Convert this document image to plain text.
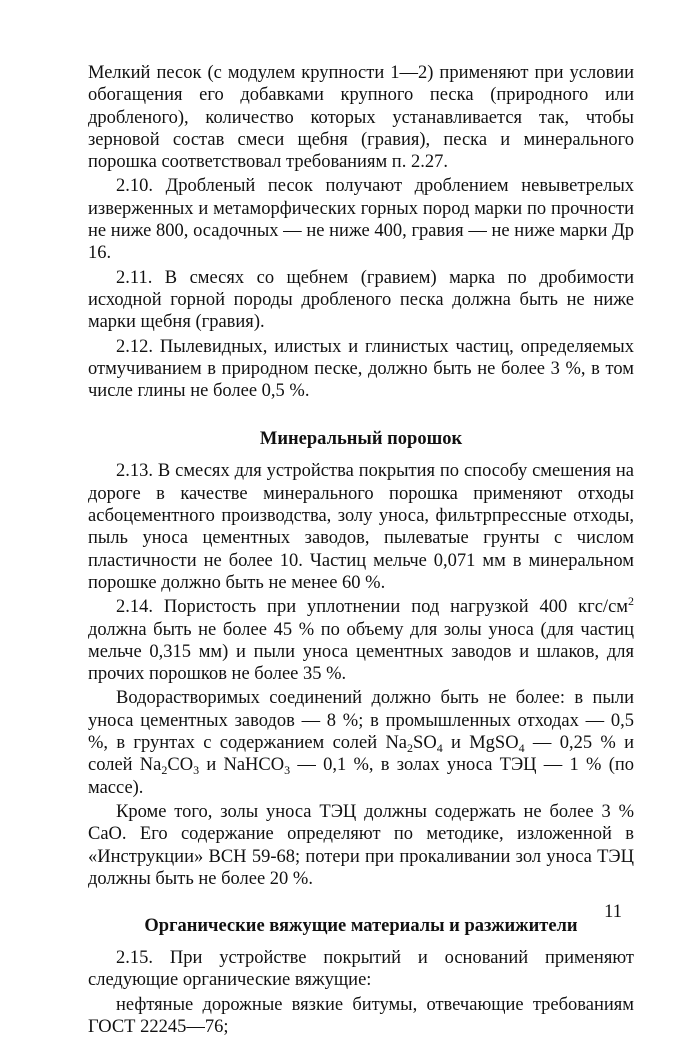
Мелкий песок (с модулем крупности 1—2) применяют при условии обогащения его добавками крупного песка (природного или дробленого), количество которых устанавливается так, чтобы зерновой состав смеси щебня (гравия), песка и минерального порошка соответствовал требованиям п. 2.27.

2.10. Дробленый песок получают дроблением невыветрелых изверженных и метаморфических горных пород марки по прочности не ниже 800, осадочных — не ниже 400, гравия — не ниже марки Др 16.

2.11. В смесях со щебнем (гравием) марка по дробимости исходной горной породы дробленого песка должна быть не ниже марки щебня (гравия).

2.12. Пылевидных, илистых и глинистых частиц, определяемых отмучиванием в природном песке, должно быть не более 3 %, в том числе глины не более 0,5 %.

Минеральный порошок

2.13. В смесях для устройства покрытия по способу смешения на дороге в качестве минерального порошка применяют отходы асбоцементного производства, золу уноса, фильтрпрессные отходы, пыль уноса цементных заводов, пылеватые грунты с числом пластичности не более 10. Частиц мельче 0,071 мм в минеральном порошке должно быть не менее 60 %.

2.14. Пористость при уплотнении под нагрузкой 400 кгс/$см^2$ должна быть не более 45 % по объему для золы уноса (для частиц мельче 0,315 мм) и пыли уноса цементных заводов и шлаков, для прочих порошков не более 35 %.

Водорастворимых соединений должно быть не более: в пыли уноса цементных заводов — 8 %; в промышленных отходах — 0,5 %, в грунтах с содержанием солей $Na_2SO_4$ и MgSO$_4$ — 0,25 % и солей $Na_2CO_3$ и NaHCO$_3$ — 0,1 %, в золах уноса ТЭЦ — 1 % (по массе).

Кроме того, золы уноса ТЭЦ должны содержать не более 3 % СаО. Его содержание определяют по методике, изложенной в «Инструкции» ВСН 59-68; потери при прокаливании зол уноса ТЭЦ должны быть не более 20 %.

Органические вяжущие материалы и разжижители

2.15. При устройстве покрытий и оснований применяют следующие органические вяжущие:

нефтяные дорожные вязкие битумы, отвечающие требованиям ГОСТ 22245—76;

11
